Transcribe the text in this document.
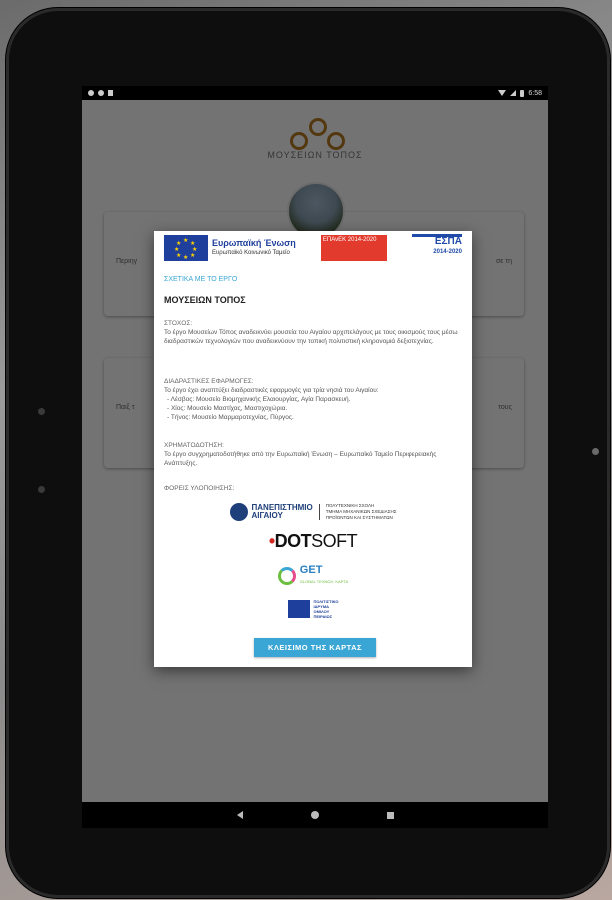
6:58
★ ★
★
★
★
★
★
★	Ευρωπαϊκή Ένωση
Ευρωπαϊκό Κοινωνικό Ταμείο
ΕΠΑνΕΚ 2014-2020	ΕΣΠΑ
2014-2020
ΣΧΕΤΙΚΑ ΜΕ ΤΟ ΕΡΓΟ
ΜΟΥΣΕΙΩΝ ΤΟΠΟΣ
ΣΤΟΧΟΣ:
Το έργο Μουσείων Τόπος αναδεικνύει μουσεία του Αιγαίου αρχιπελάγους με τους οικισμούς τους μέσω διαδραστικών τεχνολογιών που αναδεικνύουν την τοπική πολιτιστική κληρονομιά δεξιοτεχνίας.
ΔΙΑΔΡΑΣΤΙΚΕΣ ΕΦΑΡΜΟΓΕΣ:
Το έργο έχει αναπτύξει διαδραστικές εφαρμογές για τρία νησιά του Αιγαίου:
- Λέσβος: Μουσείο Βιομηχανικής Ελαιουργίας, Αγία Παρασκευή.
- Χίος: Μουσείο Μαστίχας, Μαστιχοχώρια.
- Τήνος: Μουσείο Μαρμαροτεχνίας, Πύργος.
ΧΡΗΜΑΤΟΔΟΤΗΣΗ:
Το έργο συγχρηματοδοτήθηκε από την Ευρωπαϊκή Ένωση – Ευρωπαϊκό Ταμείο Περιφερειακής Ανάπτυξης.
ΦΟΡΕΙΣ ΥΛΟΠΟΙΗΣΗΣ:
ΠΑΝΕΠΙΣΤΗΜΙΟ
ΑΙΓΑΙΟΥ
ΠΟΛΥΤΕΧΝΙΚΗ ΣΧΟΛΗ
ΤΜΗΜΑ ΜΗΧΑΝΙΚΩΝ ΣΧΕΔΙΑΣΗΣ
ΠΡΟΪΟΝΤΩΝ ΚΑΙ ΣΥΣΤΗΜΑΤΩΝ
•DOTSOFT
GET
GLOBAL ΤΕΧΝΟΛ. ΚΑΡΤΑ
ΠΟΛΙΤΙΣΤΙΚΟ
ΙΔΡΥΜΑ
ΟΜΙΛΟΥ
ΠΕΙΡΑΙΩΣ
ΚΛΕΙΣΙΜΟ ΤΗΣ ΚΑΡΤΑΣ
